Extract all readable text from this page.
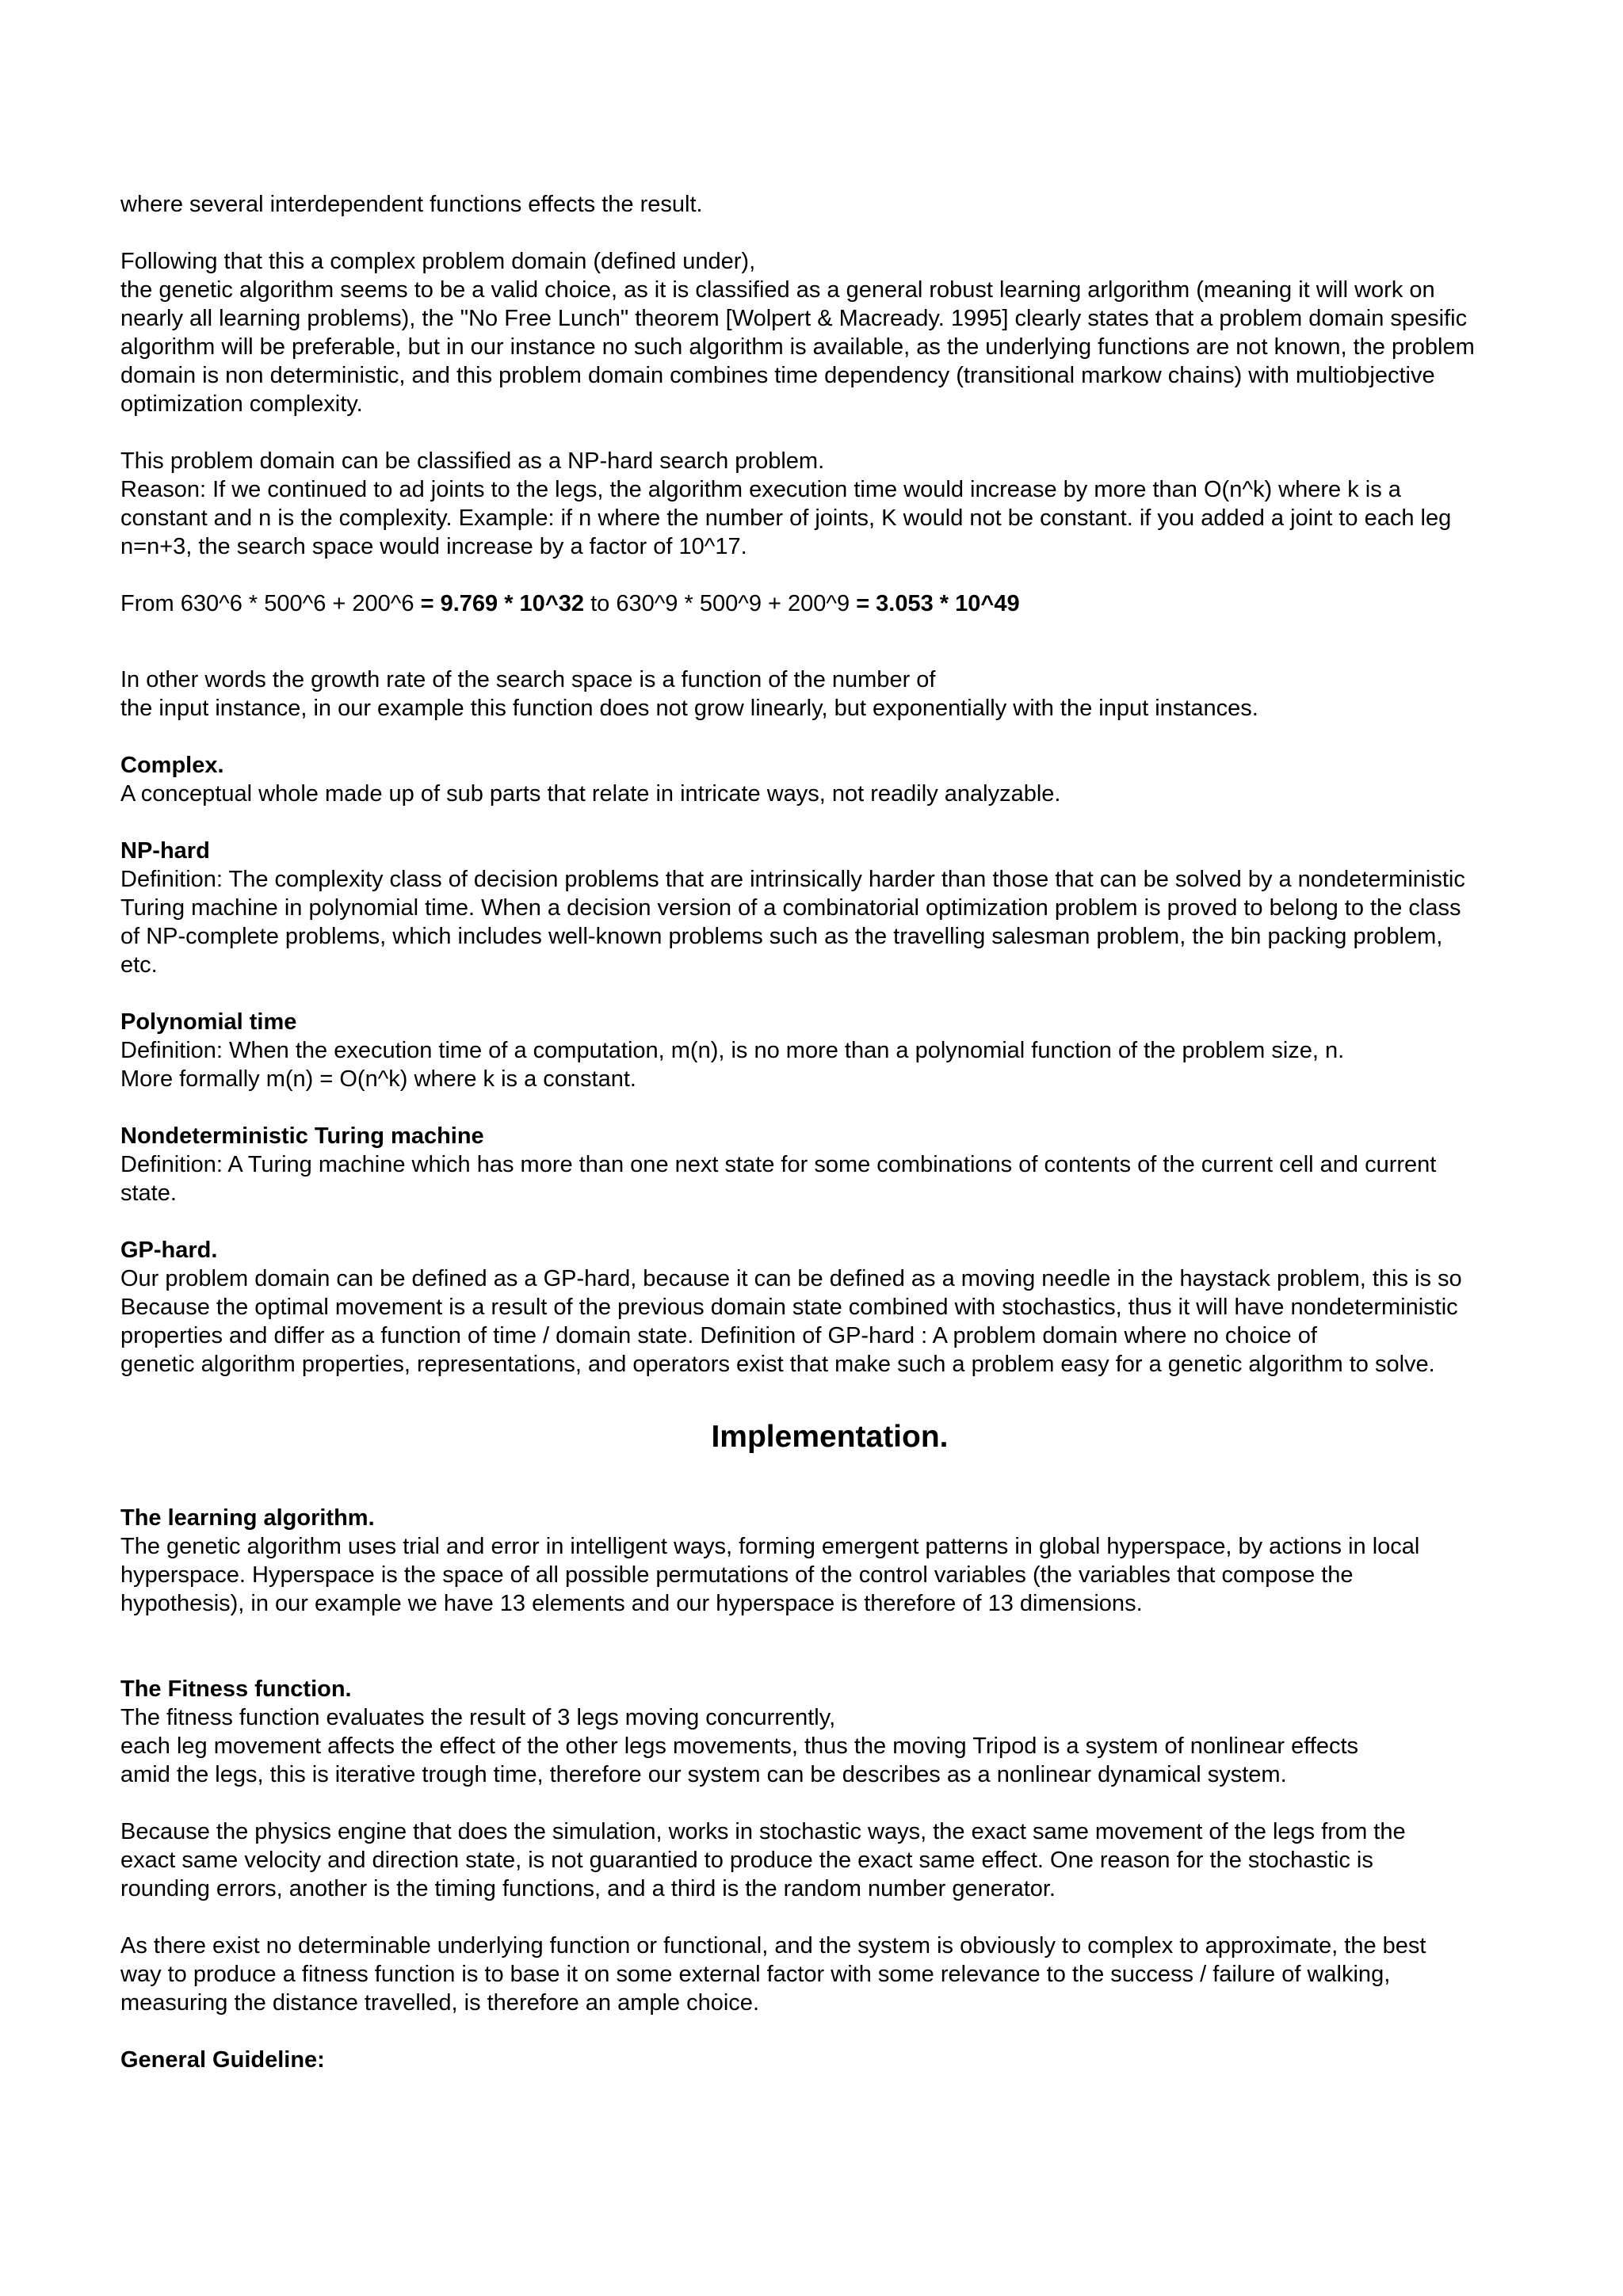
where several interdependent functions effects the result.

Following that this a complex problem domain (defined under),
the genetic algorithm seems to be a valid choice, as it is classified as a general robust learning arlgorithm (meaning it will work on
nearly all learning problems), the "No Free Lunch" theorem [Wolpert & Macready. 1995] clearly states that a problem domain spesific
algorithm will be preferable, but in our instance no such algorithm is available, as the underlying functions are not known, the problem
domain is non deterministic, and this problem domain combines time dependency (transitional markow chains) with multiobjective
optimization complexity.

This problem domain can be classified as a NP-hard search problem.
Reason: If we continued to ad joints to the legs, the algorithm execution time would increase by more than O(n^k) where k is a
constant and n is the complexity. Example: if n where the number of joints, K would not be constant. if you added a joint to each leg
n=n+3, the search space would increase by a factor of 10^17.

From 630^6 * 500^6 + 200^6 = 9.769 * 10^32 to 630^9 * 500^9 + 200^9 = 3.053 * 10^49

In other words the growth rate of the search space is a function of the number of
the input instance, in our example this function does not grow linearly, but exponentially with the input instances.

Complex.

A conceptual whole made up of sub parts that relate in intricate ways, not readily analyzable.

NP-hard

Definition: The complexity class of decision problems that are intrinsically harder than those that can be solved by a nondeterministic
Turing machine in polynomial time. When a decision version of a combinatorial optimization problem is proved to belong to the class
of NP-complete problems, which includes well-known problems such as the travelling salesman problem, the bin packing problem,
etc.

Polynomial time

Definition: When the execution time of a computation, m(n), is no more than a polynomial function of the problem size, n.
More formally m(n) = O(n^k) where k is a constant.

Nondeterministic Turing machine

Definition: A Turing machine which has more than one next state for some combinations of contents of the current cell and current
state.

GP-hard.

Our problem domain can be defined as a GP-hard, because it can be defined as a moving needle in the haystack problem, this is so
Because the optimal movement is a result of the previous domain state combined with stochastics, thus it will have nondeterministic
properties and differ as a function of time / domain state. Definition of GP-hard : A problem domain where no choice of
genetic algorithm properties, representations, and operators exist that make such a problem easy for a genetic algorithm to solve.

Implementation.

The learning algorithm.

The genetic algorithm uses trial and error in intelligent ways, forming emergent patterns in global hyperspace, by actions in local
hyperspace. Hyperspace is the space of all possible permutations of the control variables (the variables that compose the
hypothesis), in our example we have 13 elements and our hyperspace is therefore of 13 dimensions.

The Fitness function.

The fitness function evaluates the result of 3 legs moving concurrently,
each leg movement affects the effect of the other legs movements, thus the moving Tripod is a system of nonlinear effects
amid the legs, this is iterative trough time, therefore our system can be describes as a nonlinear dynamical system.

Because the physics engine that does the simulation, works in stochastic ways, the exact same movement of the legs from the
exact same velocity and direction state, is not guarantied to produce the exact same effect. One reason for the stochastic is
rounding errors, another is the timing functions, and a third is the random number generator.

As there exist no determinable underlying function or functional, and the system is obviously to complex to approximate, the best
way to produce a fitness function is to base it on some external factor with some relevance to the success / failure of walking,
measuring the distance travelled, is therefore an ample choice.

General Guideline:
